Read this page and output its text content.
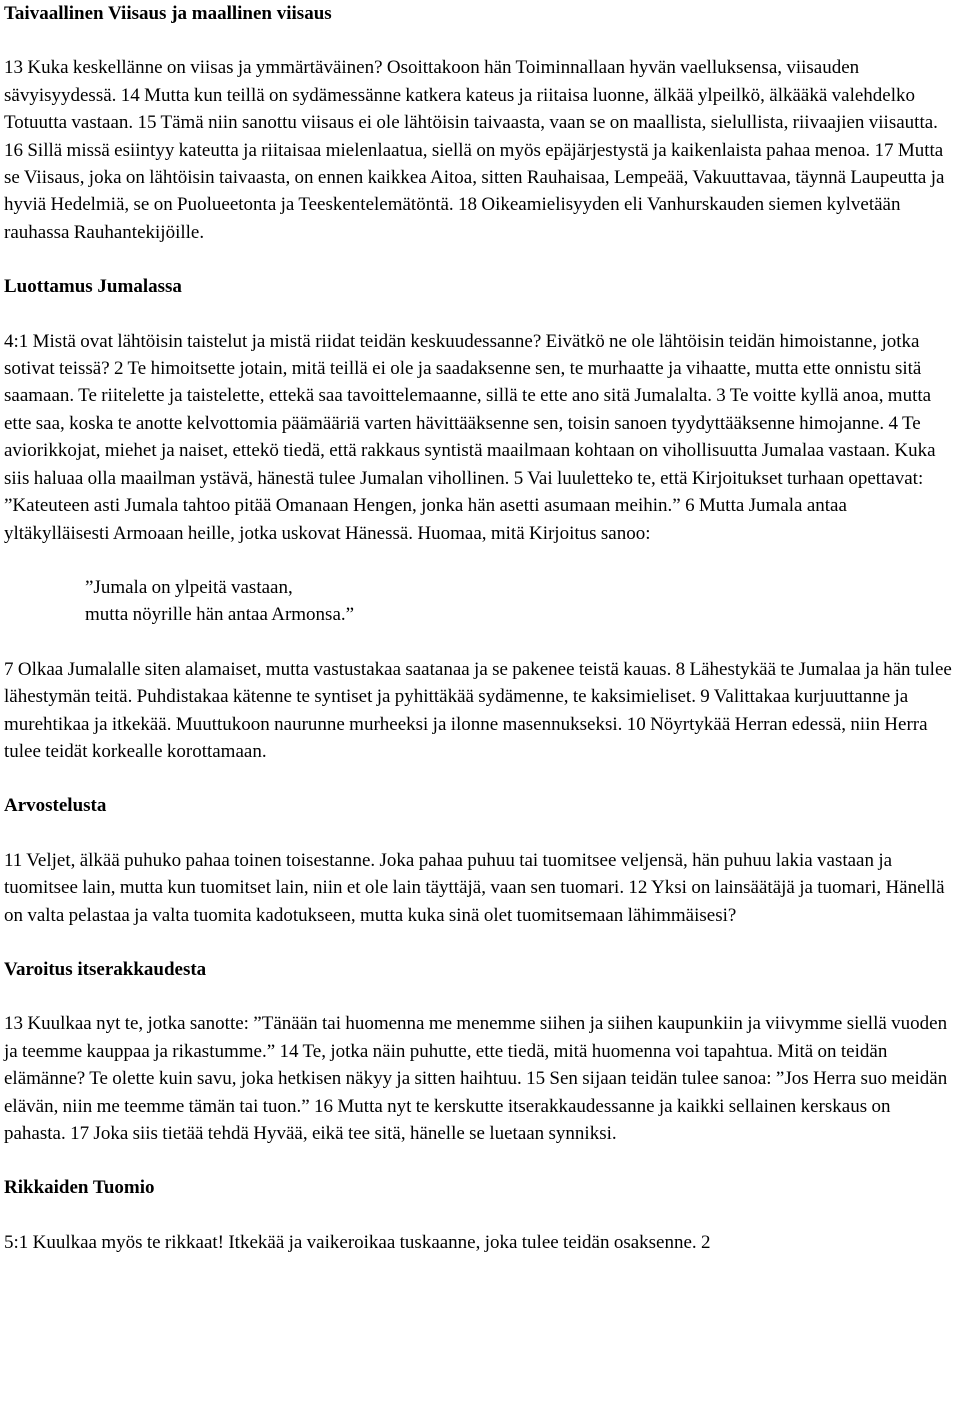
Taivaallinen Viisaus ja maallinen viisaus

13 Kuka keskellänne on viisas ja ymmärtäväinen? Osoittakoon hän Toiminnallaan hyvän vaelluksensa, viisauden sävyisyydessä. 14 Mutta kun teillä on sydämessänne katkera kateus ja riitaisa luonne, älkää ylpeilkö, älkääkä valehdelko Totuutta vastaan. 15 Tämä niin sanottu viisaus ei ole lähtöisin taivaasta, vaan se on maallista, sielullista, riivaajien viisautta. 16 Sillä missä esiintyy kateutta ja riitaisaa mielenlaatua, siellä on myös epäjärjestystä ja kaikenlaista pahaa menoa. 17 Mutta se Viisaus, joka on lähtöisin taivaasta, on ennen kaikkea Aitoa, sitten Rauhaisaa, Lempeää, Vakuuttavaa, täynnä Laupeutta ja hyviä Hedelmiä, se on Puolueetonta ja Teeskentelemätöntä. 18 Oikeamielisyyden eli Vanhurskauden siemen kylvetään rauhassa Rauhantekijöille.

Luottamus Jumalassa

4:1 Mistä ovat lähtöisin taistelut ja mistä riidat teidän keskuudessanne? Eivätkö ne ole lähtöisin teidän himoistanne, jotka sotivat teissä? 2 Te himoitsette jotain, mitä teillä ei ole ja saadaksenne sen, te murhaatte ja vihaatte, mutta ette onnistu sitä saamaan. Te riitelette ja taistelette, ettekä saa tavoittelemaanne, sillä te ette ano sitä Jumalalta. 3 Te voitte kyllä anoa, mutta ette saa, koska te anotte kelvottomia päämääriä varten hävittääksenne sen, toisin sanoen tyydyttääksenne himojanne. 4 Te aviorikkojat, miehet ja naiset, ettekö tiedä, että rakkaus syntistä maailmaan kohtaan on vihollisuutta Jumalaa vastaan. Kuka siis haluaa olla maailman ystävä, hänestä tulee Jumalan vihollinen. 5 Vai luuletteko te, että Kirjoitukset turhaan opettavat: ”Kateuteen asti Jumala tahtoo pitää Omanaan Hengen, jonka hän asetti asumaan meihin.” 6 Mutta Jumala antaa yltäkylläisesti Armoaan heille, jotka uskovat Hänessä. Huomaa, mitä Kirjoitus sanoo:

”Jumala on ylpeitä vastaan,

mutta nöyrille hän antaa Armonsa.”

7 Olkaa Jumalalle siten alamaiset, mutta vastustakaa saatanaa ja se pakenee teistä kauas. 8 Lähestykää te Jumalaa ja hän tulee lähestymän teitä. Puhdistakaa kätenne te syntiset ja pyhittäkää sydämenne, te kaksimieliset. 9 Valittakaa kurjuuttanne ja murehtikaa ja itkekää. Muuttukoon naurunne murheeksi ja ilonne masennukseksi. 10 Nöyrtykää Herran edessä, niin Herra tulee teidät korkealle korottamaan.

Arvostelusta

11 Veljet, älkää puhuko pahaa toinen toisestanne. Joka pahaa puhuu tai tuomitsee veljensä, hän puhuu lakia vastaan ja tuomitsee lain, mutta kun tuomitset lain, niin et ole lain täyttäjä, vaan sen tuomari. 12 Yksi on lainsäätäjä ja tuomari, Hänellä on valta pelastaa ja valta tuomita kadotukseen, mutta kuka sinä olet tuomitsemaan lähimmäisesi?

Varoitus itserakkaudesta

13 Kuulkaa nyt te, jotka sanotte: ”Tänään tai huomenna me menemme siihen ja siihen kaupunkiin ja viivymme siellä vuoden ja teemme kauppaa ja rikastumme.” 14 Te, jotka näin puhutte, ette tiedä, mitä huomenna voi tapahtua. Mitä on teidän elämänne? Te olette kuin savu, joka hetkisen näkyy ja sitten haihtuu. 15 Sen sijaan teidän tulee sanoa: ”Jos Herra suo meidän elävän, niin me teemme tämän tai tuon.” 16 Mutta nyt te kerskutte itserakkaudessanne ja kaikki sellainen kerskaus on pahasta. 17 Joka siis tietää tehdä Hyvää, eikä tee sitä, hänelle se luetaan synniksi.

Rikkaiden Tuomio

5:1 Kuulkaa myös te rikkaat! Itkekää ja vaikeroikaa tuskaanne, joka tulee teidän osaksenne. 2
